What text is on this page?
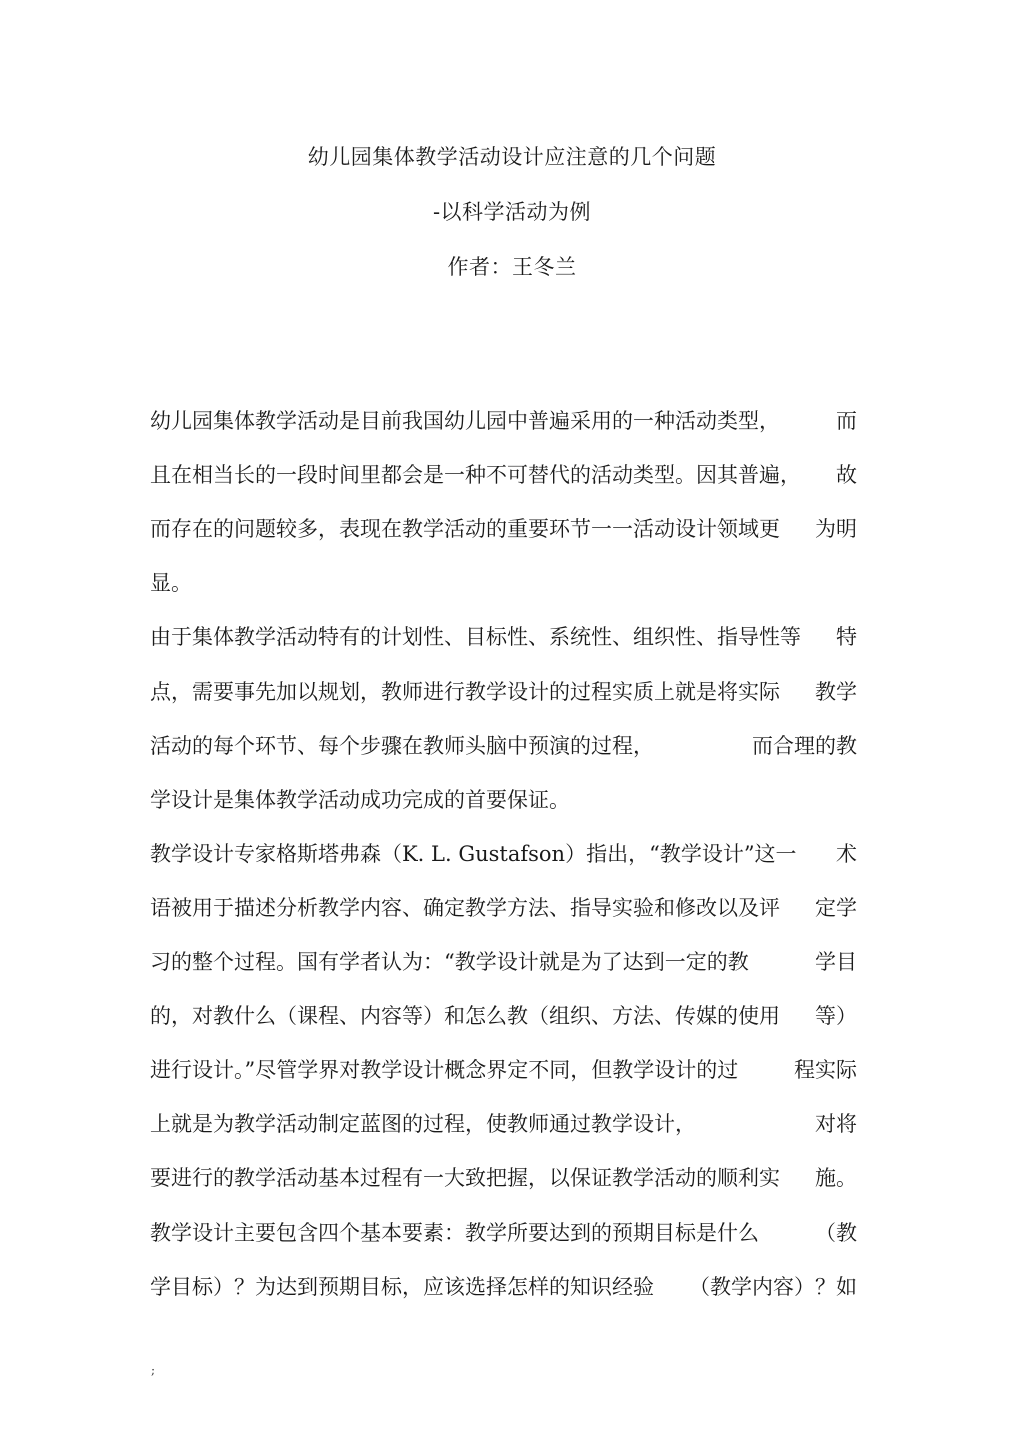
幼儿园集体教学活动设计应注意的几个问题
-以科学活动为例
作者：王冬兰
幼儿园集体教学活动是目前我国幼儿园中普遍采用的一种活动类型，	而
且在相当长的一段时间里都会是一种不可替代的活动类型。因其普遍， 故
而存在的问题较多，表现在教学活动的重要环节一一活动设计领域更 为明
显。
由于集体教学活动特有的计划性、目标性、系统性、组织性、指导性等 特
点，需要事先加以规划，教师进行教学设计的过程实质上就是将实际 教学
活动的每个环节、每个步骤在教师头脑中预演的过程，	而合理的教
学设计是集体教学活动成功完成的首要保证。
教学设计专家格斯塔弗森（K. L. Gustafson）指出，“教学设计”这一 术
语被用于描述分析教学内容、确定教学方法、指导实验和修改以及评 定学
习的整个过程。国有学者认为：“教学设计就是为了达到一定的教	学目
的，对教什么（课程、内容等）和怎么教（组织、方法、传媒的使用 等）
进行设计。”尽管学界对教学设计概念界定不同，但教学设计的过	程实际
上就是为教学活动制定蓝图的过程，使教师通过教学设计，	对将
要进行的教学活动基本过程有一大致把握，以保证教学活动的顺利实 施。
教学设计主要包含四个基本要素：教学所要达到的预期目标是什么	（教
学目标）？为达到预期目标，应该选择怎样的知识经验 （教学内容）？如
;
